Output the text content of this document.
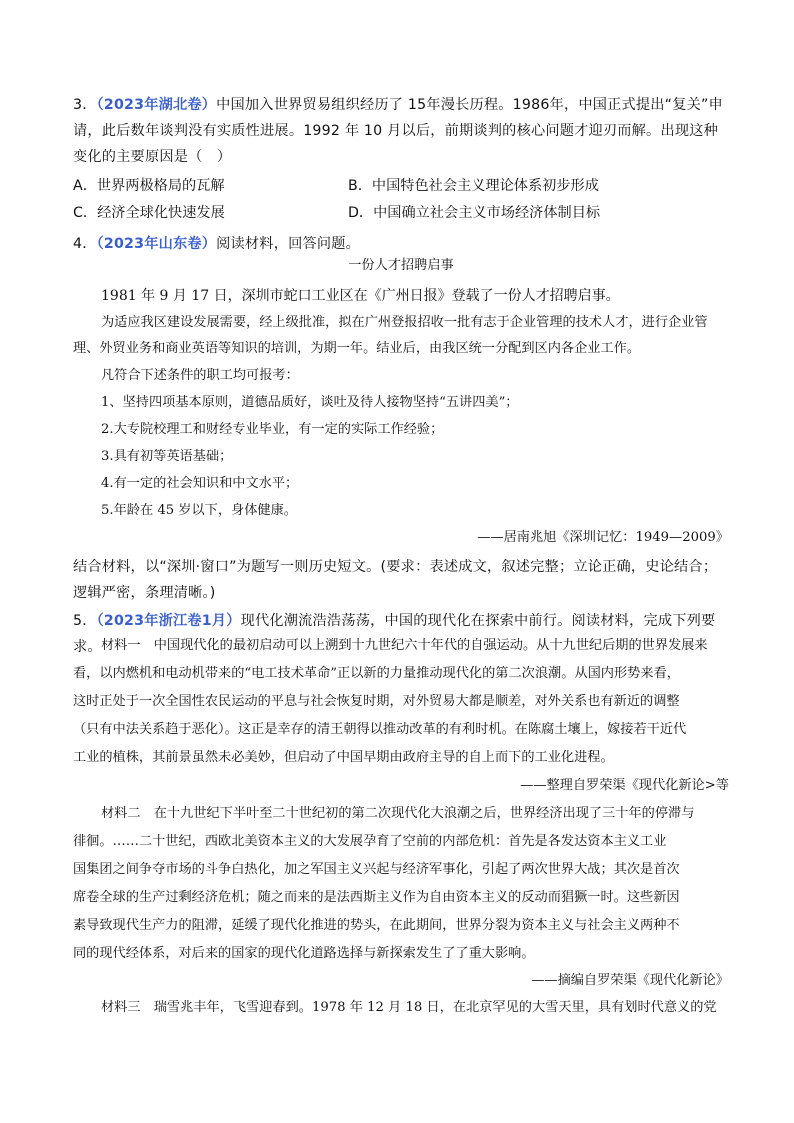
3．（2023年湖北卷）中国加入世界贸易组织经历了 15年漫长历程。1986年，中国正式提出“复关”申请，此后数年谈判没有实质性进展。1992 年 10 月以后，前期谈判的核心问题才迎刃而解。出现这种变化的主要原因是（　）
A．世界两极格局的瓦解	B．中国特色社会主义理论体系初步形成
C．经济全球化快速发展	D．中国确立社会主义市场经济体制目标
4．（2023年山东卷）阅读材料，回答问题。
一份人才招聘启事
1981 年 9 月 17 日，深圳市蛇口工业区在《广州日报》登载了一份人才招聘启事。
为适应我区建设发展需要，经上级批准，拟在广州登报招收一批有志于企业管理的技术人才，进行企业管
理、外贸业务和商业英语等知识的培训，为期一年。结业后，由我区统一分配到区内各企业工作。
凡符合下述条件的职工均可报考：
1、坚持四项基本原则，道德品质好，谈吐及待人接物坚持“五讲四美”；
2.大专院校理工和财经专业毕业，有一定的实际工作经验；
3.具有初等英语基础；
4.有一定的社会知识和中文水平；
5.年龄在 45 岁以下，身体健康。
——居南兆旭《深圳记忆：1949—2009》
结合材料，以“深圳·窗口”为题写一则历史短文。(要求：表述成文，叙述完整；立论正确，史论结合；逻辑严密，条理清晰。)
5．（2023年浙江卷1月）现代化潮流浩浩荡荡，中国的现代化在探索中前行。阅读材料，完成下列要求。 材料一　中国现代化的最初启动可以上溯到十九世纪六十年代的自强运动。从十九世纪后期的世界发展来
看，以内燃机和电动机带来的“电工技术革命”正以新的力量推动现代化的第二次浪潮。从国内形势来看，
这时正处于一次全国性农民运动的平息与社会恢复时期，对外贸易大都是顺差，对外关系也有新近的调整
（只有中法关系趋于恶化）。这正是幸存的清王朝得以推动改革的有利时机。在陈腐土壤上，嫁接若干近代
工业的植株，其前景虽然未必美妙，但启动了中国早期由政府主导的自上而下的工业化进程。
——整理自罗荣渠《现代化新论>等
材料二　在十九世纪下半叶至二十世纪初的第二次现代化大浪潮之后，世界经济出现了三十年的停滞与
徘徊。……二十世纪，西欧北美资本主义的大发展孕育了空前的内部危机：首先是各发达资本主义工业
国集团之间争夺市场的斗争白热化，加之军国主义兴起与经济军事化，引起了两次世界大战；其次是首次
席卷全球的生产过剩经济危机；随之而来的是法西斯主义作为自由资本主义的反动而猖獗一时。这些新因
素导致现代生产力的阻滞，延缓了现代化推进的势头，在此期间，世界分裂为资本主义与社会主义两种不
同的现代经体系，对后来的国家的现代化道路选择与新探索发生了了重大影响。
——摘编自罗荣渠《现代化新论》
材料三　瑞雪兆丰年，飞雪迎春到。1978 年 12 月 18 日，在北京罕见的大雪天里，具有划时代意义的党
